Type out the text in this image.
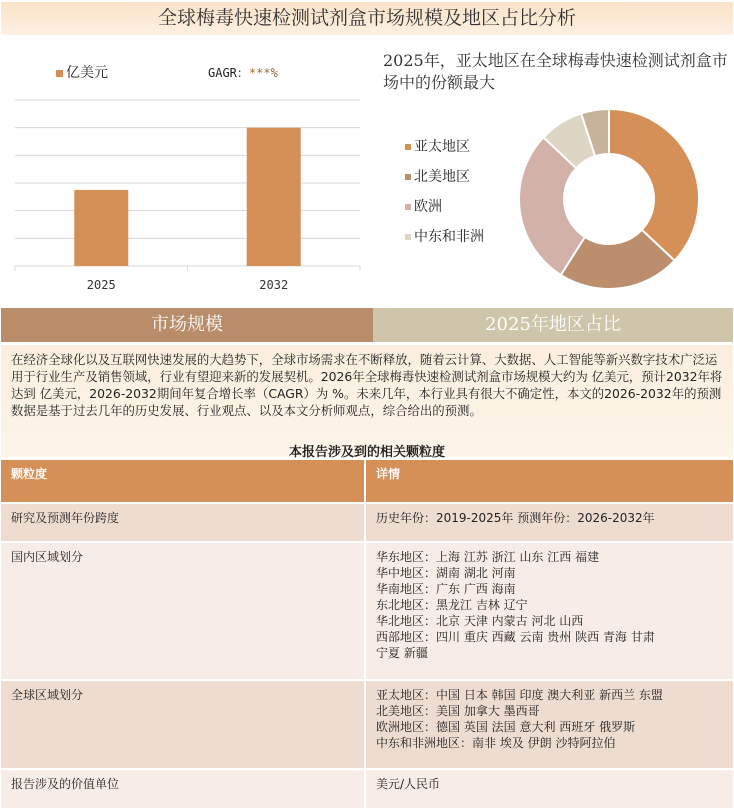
全球梅毒快速检测试剂盒市场规模及地区占比分析
亿美元	GAGR：***%
2025年，亚太地区在全球梅毒快速检测试剂盒市场中的份额最大
2025	2032
亚太地区
北美地区
欧洲
中东和非洲
市场规模	2025年地区占比
在经济全球化以及互联网快速发展的大趋势下，全球市场需求在不断释放，随着云计算、大数据、人工智能等新兴数字技术广泛运用于行业生产及销售领域，行业有望迎来新的发展契机。2026年全球梅毒快速检测试剂盒市场规模大约为 亿美元，预计2032年将达到 亿美元，2026-2032期间年复合增长率（CAGR）为 %。未来几年，本行业具有很大不确定性，本文的2026-2032年的预测数据是基于过去几年的历史发展、行业观点、以及本文分析师观点，综合给出的预测。
本报告涉及到的相关颗粒度
颗粒度	详情
研究及预测年份跨度	历史年份：2019-2025年 预测年份：2026-2032年
国内区域划分	华东地区：上海 江苏 浙江 山东 江西 福建
华中地区：湖南 湖北 河南
华南地区：广东 广西 海南
东北地区：黑龙江 吉林 辽宁
华北地区：北京 天津 内蒙古 河北 山西
西部地区：四川 重庆 西藏 云南 贵州 陕西 青海 甘肃
宁夏 新疆
全球区域划分	亚太地区：中国 日本 韩国 印度 澳大利亚 新西兰 东盟
北美地区：美国 加拿大 墨西哥
欧洲地区：德国 英国 法国 意大利 西班牙 俄罗斯
中东和非洲地区：南非 埃及 伊朗 沙特阿拉伯
报告涉及的价值单位	美元/人民币
